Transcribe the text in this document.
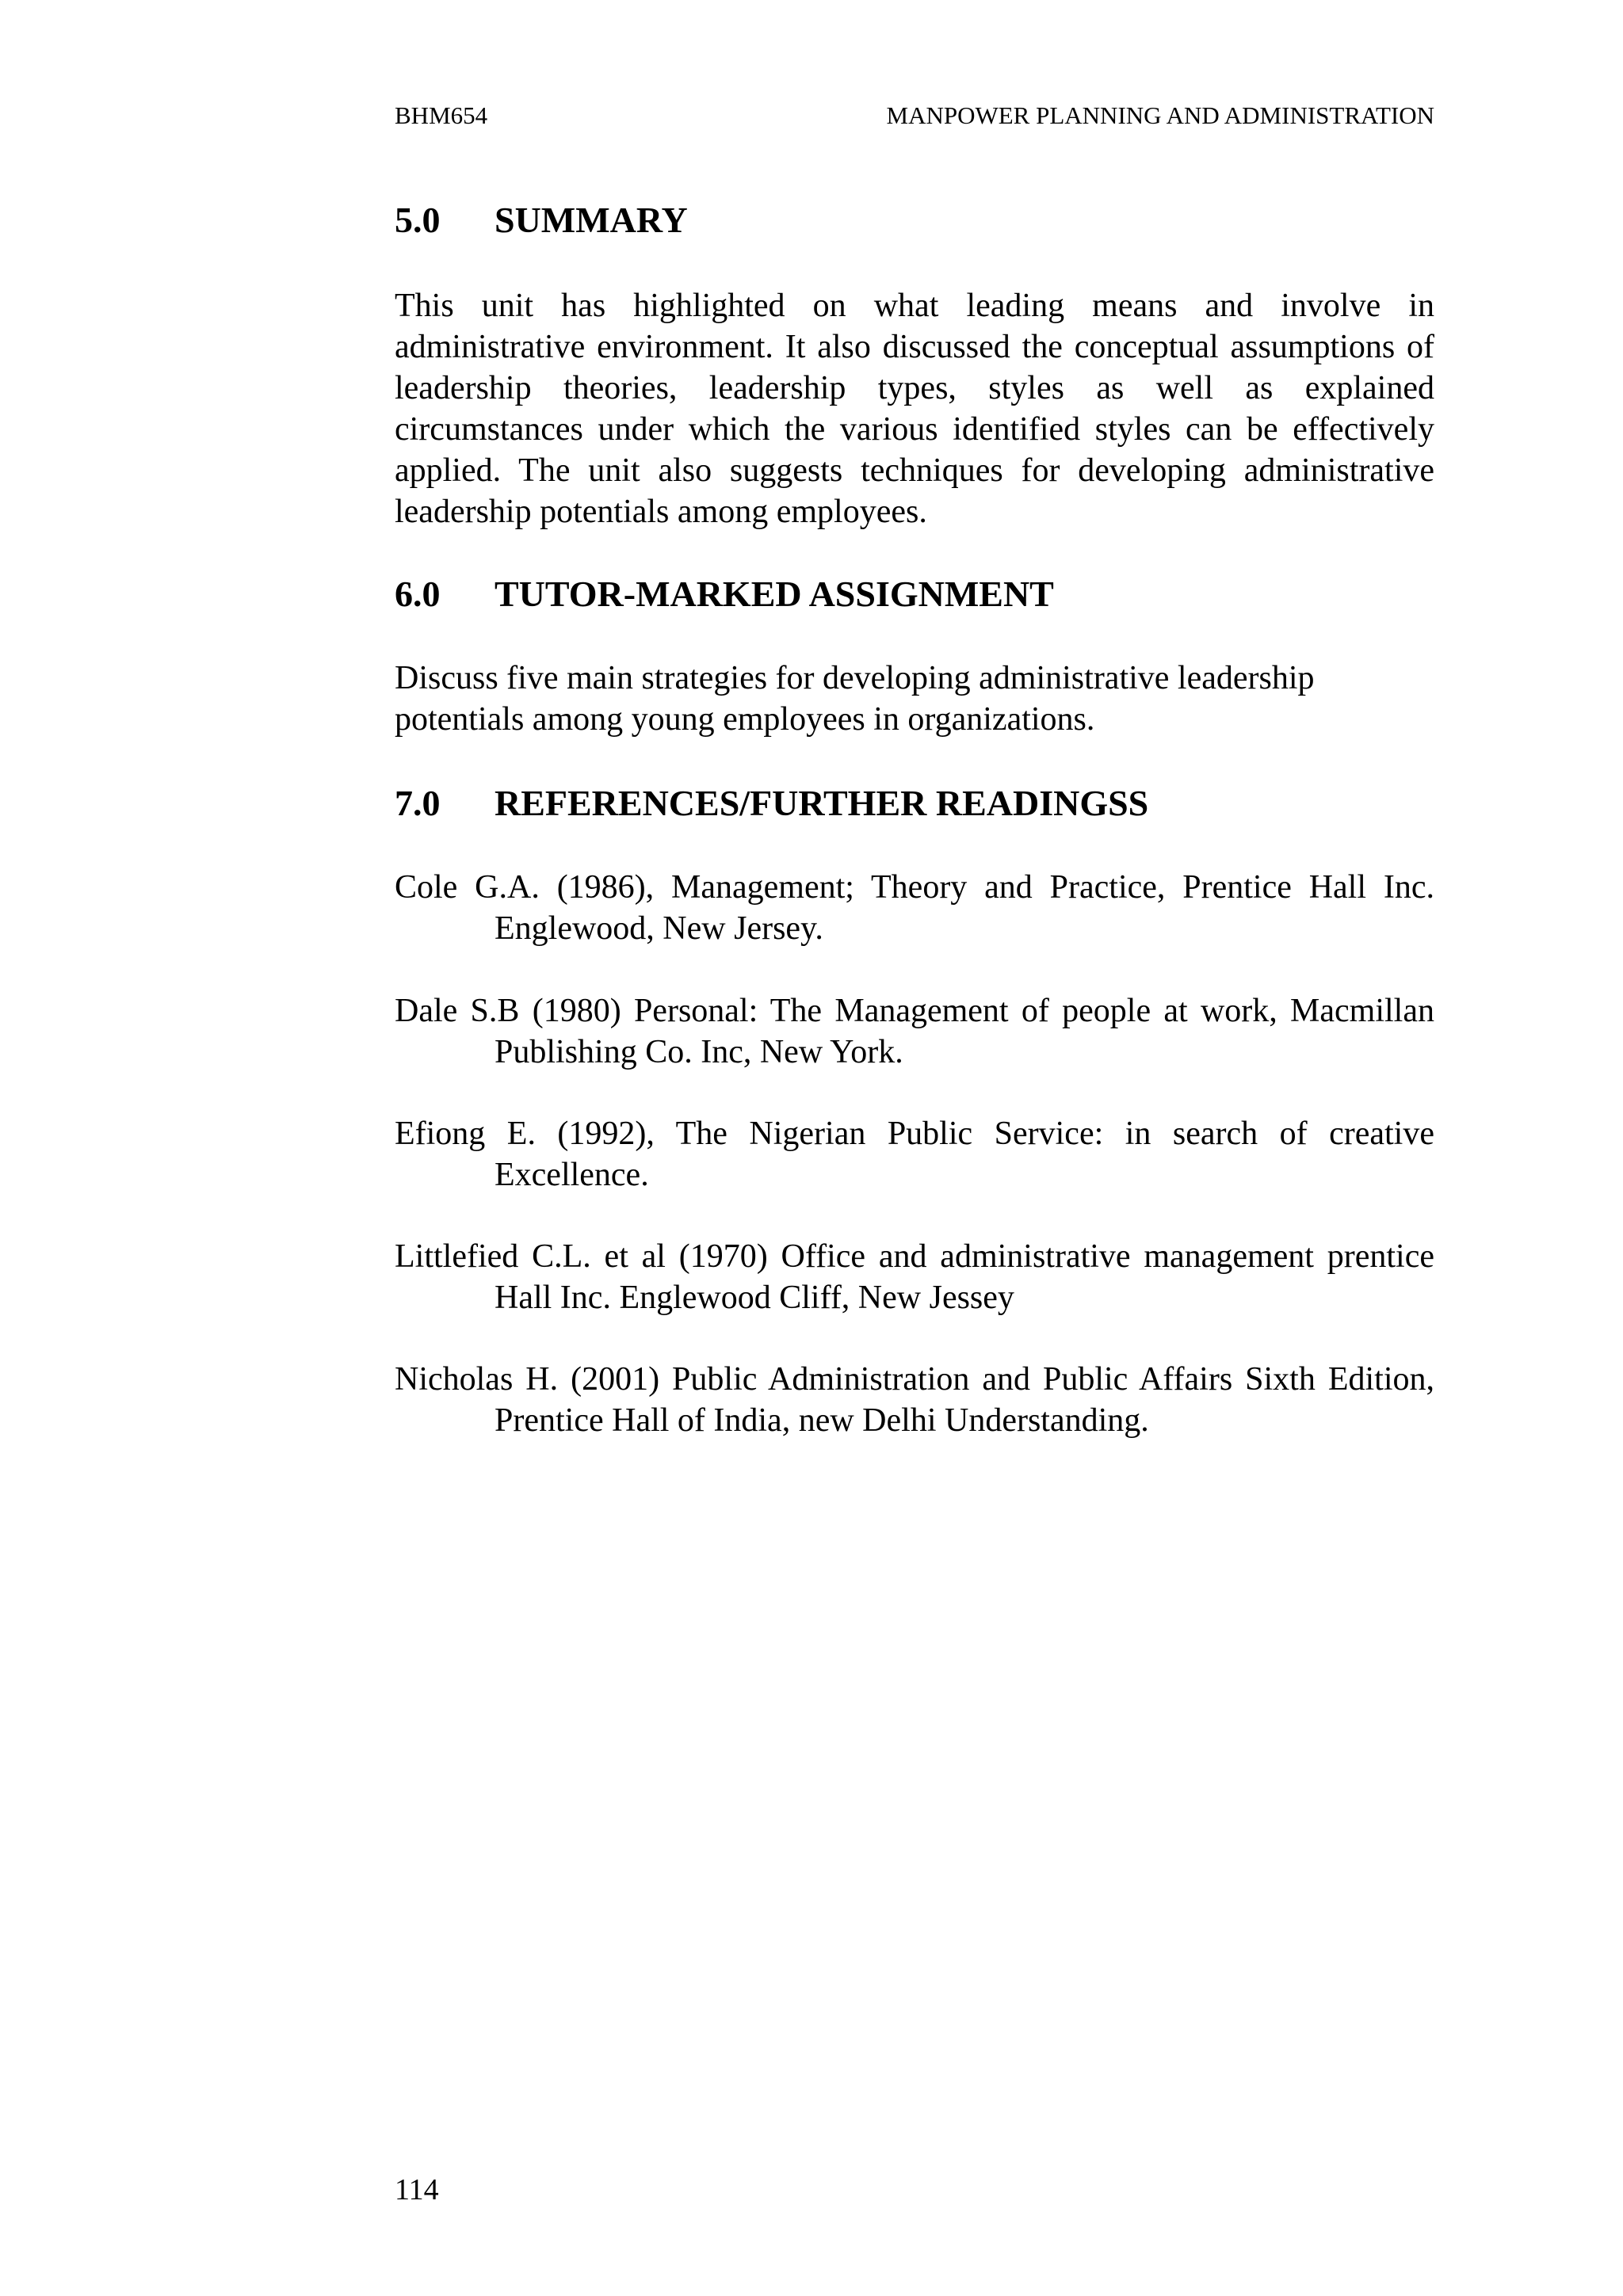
BHM654	MANPOWER PLANNING AND ADMINISTRATION
5.0 SUMMARY

This unit has highlighted on what leading means and involve in administrative environment. It also discussed the conceptual assumptions of leadership theories, leadership types, styles as well as explained circumstances under which the various identified styles can be effectively applied. The unit also suggests techniques for developing administrative leadership potentials among employees.

6.0 TUTOR-MARKED ASSIGNMENT

Discuss five main strategies for developing administrative leadership potentials among young employees in organizations.

7.0 REFERENCES/FURTHER READINGSS

Cole G.A. (1986), Management; Theory and Practice, Prentice Hall Inc. Englewood, New Jersey.

Dale S.B (1980) Personal: The Management of people at work, Macmillan Publishing Co. Inc, New York.

Efiong E. (1992), The Nigerian Public Service: in search of creative Excellence.

Littlefied C.L. et al (1970) Office and administrative management prentice Hall Inc. Englewood Cliff, New Jessey

Nicholas H. (2001) Public Administration and Public Affairs Sixth Edition, Prentice Hall of India, new Delhi Understanding.

114
